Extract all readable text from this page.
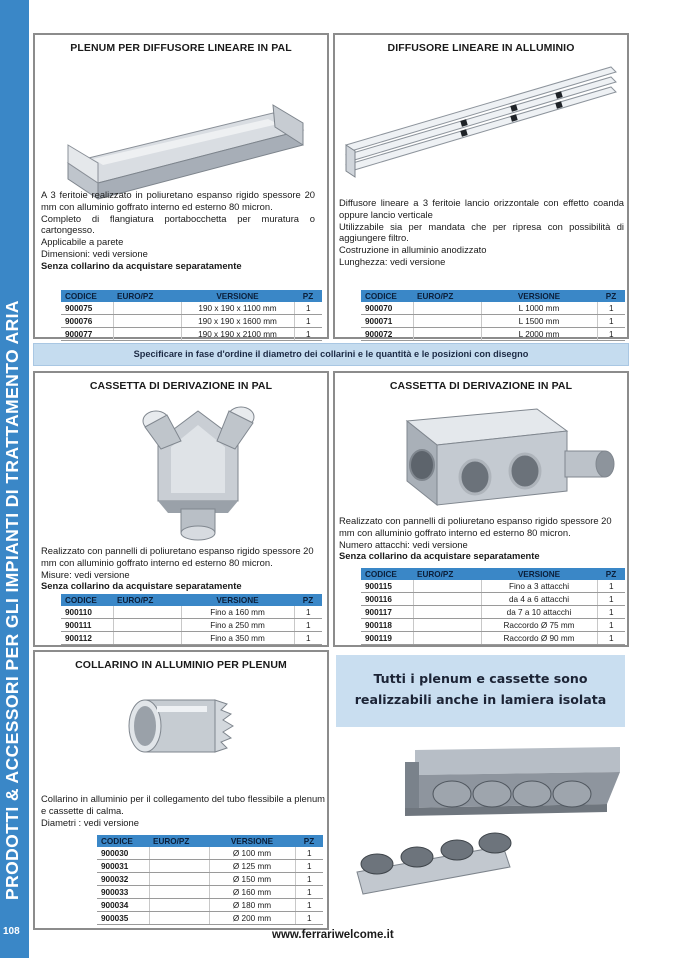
PRODOTTI & ACCESSORI PER GLI IMPIANTI DI TRATTAMENTO ARIA
108
PLENUM PER DIFFUSORE LINEARE IN PAL
A 3 feritoie realizzato in poliuretano espanso rigido spessore 20 mm con alluminio goffrato interno ed esterno 80 micron.
Completo di flangiatura portabocchetta per muratura o cartongesso.
Applicabile a parete
Dimensioni: vedi versione
Senza collarino da acquistare separatamente
CODICE	EURO/PZ	VERSIONE	PZ
900075		190 x 190 x 1100 mm	1
900076		190 x 190 x 1600 mm	1
900077		190 x 190 x 2100 mm	1
DIFFUSORE LINEARE IN ALLUMINIO
Diffusore lineare a 3 feritoie lancio orizzontale con effetto coanda oppure lancio verticale
Utilizzabile sia per mandata che per ripresa con possibilità di aggiungere filtro.
Costruzione in alluminio anodizzato
Lunghezza: vedi versione
CODICE	EURO/PZ	VERSIONE	PZ
900070		L 1000 mm	1
900071		L 1500 mm	1
900072		L 2000 mm	1
Specificare in fase d'ordine il diametro dei collarini e le quantità e le posizioni con disegno
CASSETTA DI DERIVAZIONE IN PAL
Realizzato con pannelli di poliuretano espanso rigido spessore 20 mm con alluminio goffrato interno ed esterno 80 micron.
Misure: vedi versione
Senza collarino da acquistare separatamente
CODICE	EURO/PZ	VERSIONE	PZ
900110		Fino a 160 mm	1
900111		Fino a 250 mm	1
900112		Fino a 350 mm	1
CASSETTA DI DERIVAZIONE IN PAL
Realizzato con pannelli di poliuretano espanso rigido spessore 20 mm con alluminio goffrato interno ed esterno 80 micron.
Numero attacchi: vedi versione
Senza collarino da acquistare separatamente
CODICE	EURO/PZ	VERSIONE	PZ
900115		Fino a 3 attacchi	1
900116		da 4 a 6 attacchi	1
900117		da 7 a 10 attacchi	1
900118		Raccordo Ø 75 mm	1
900119		Raccordo Ø 90 mm	1
COLLARINO IN ALLUMINIO PER PLENUM
Collarino in alluminio per il collegamento del tubo flessibile a plenum e cassette di calma.
Diametri : vedi versione
CODICE	EURO/PZ	VERSIONE	PZ
900030		Ø 100 mm	1
900031		Ø 125 mm	1
900032		Ø 150 mm	1
900033		Ø 160 mm	1
900034		Ø 180 mm	1
900035		Ø 200 mm	1
Tutti i plenum e cassette sono
realizzabili anche in lamiera isolata
www.ferrariwelcome.it
